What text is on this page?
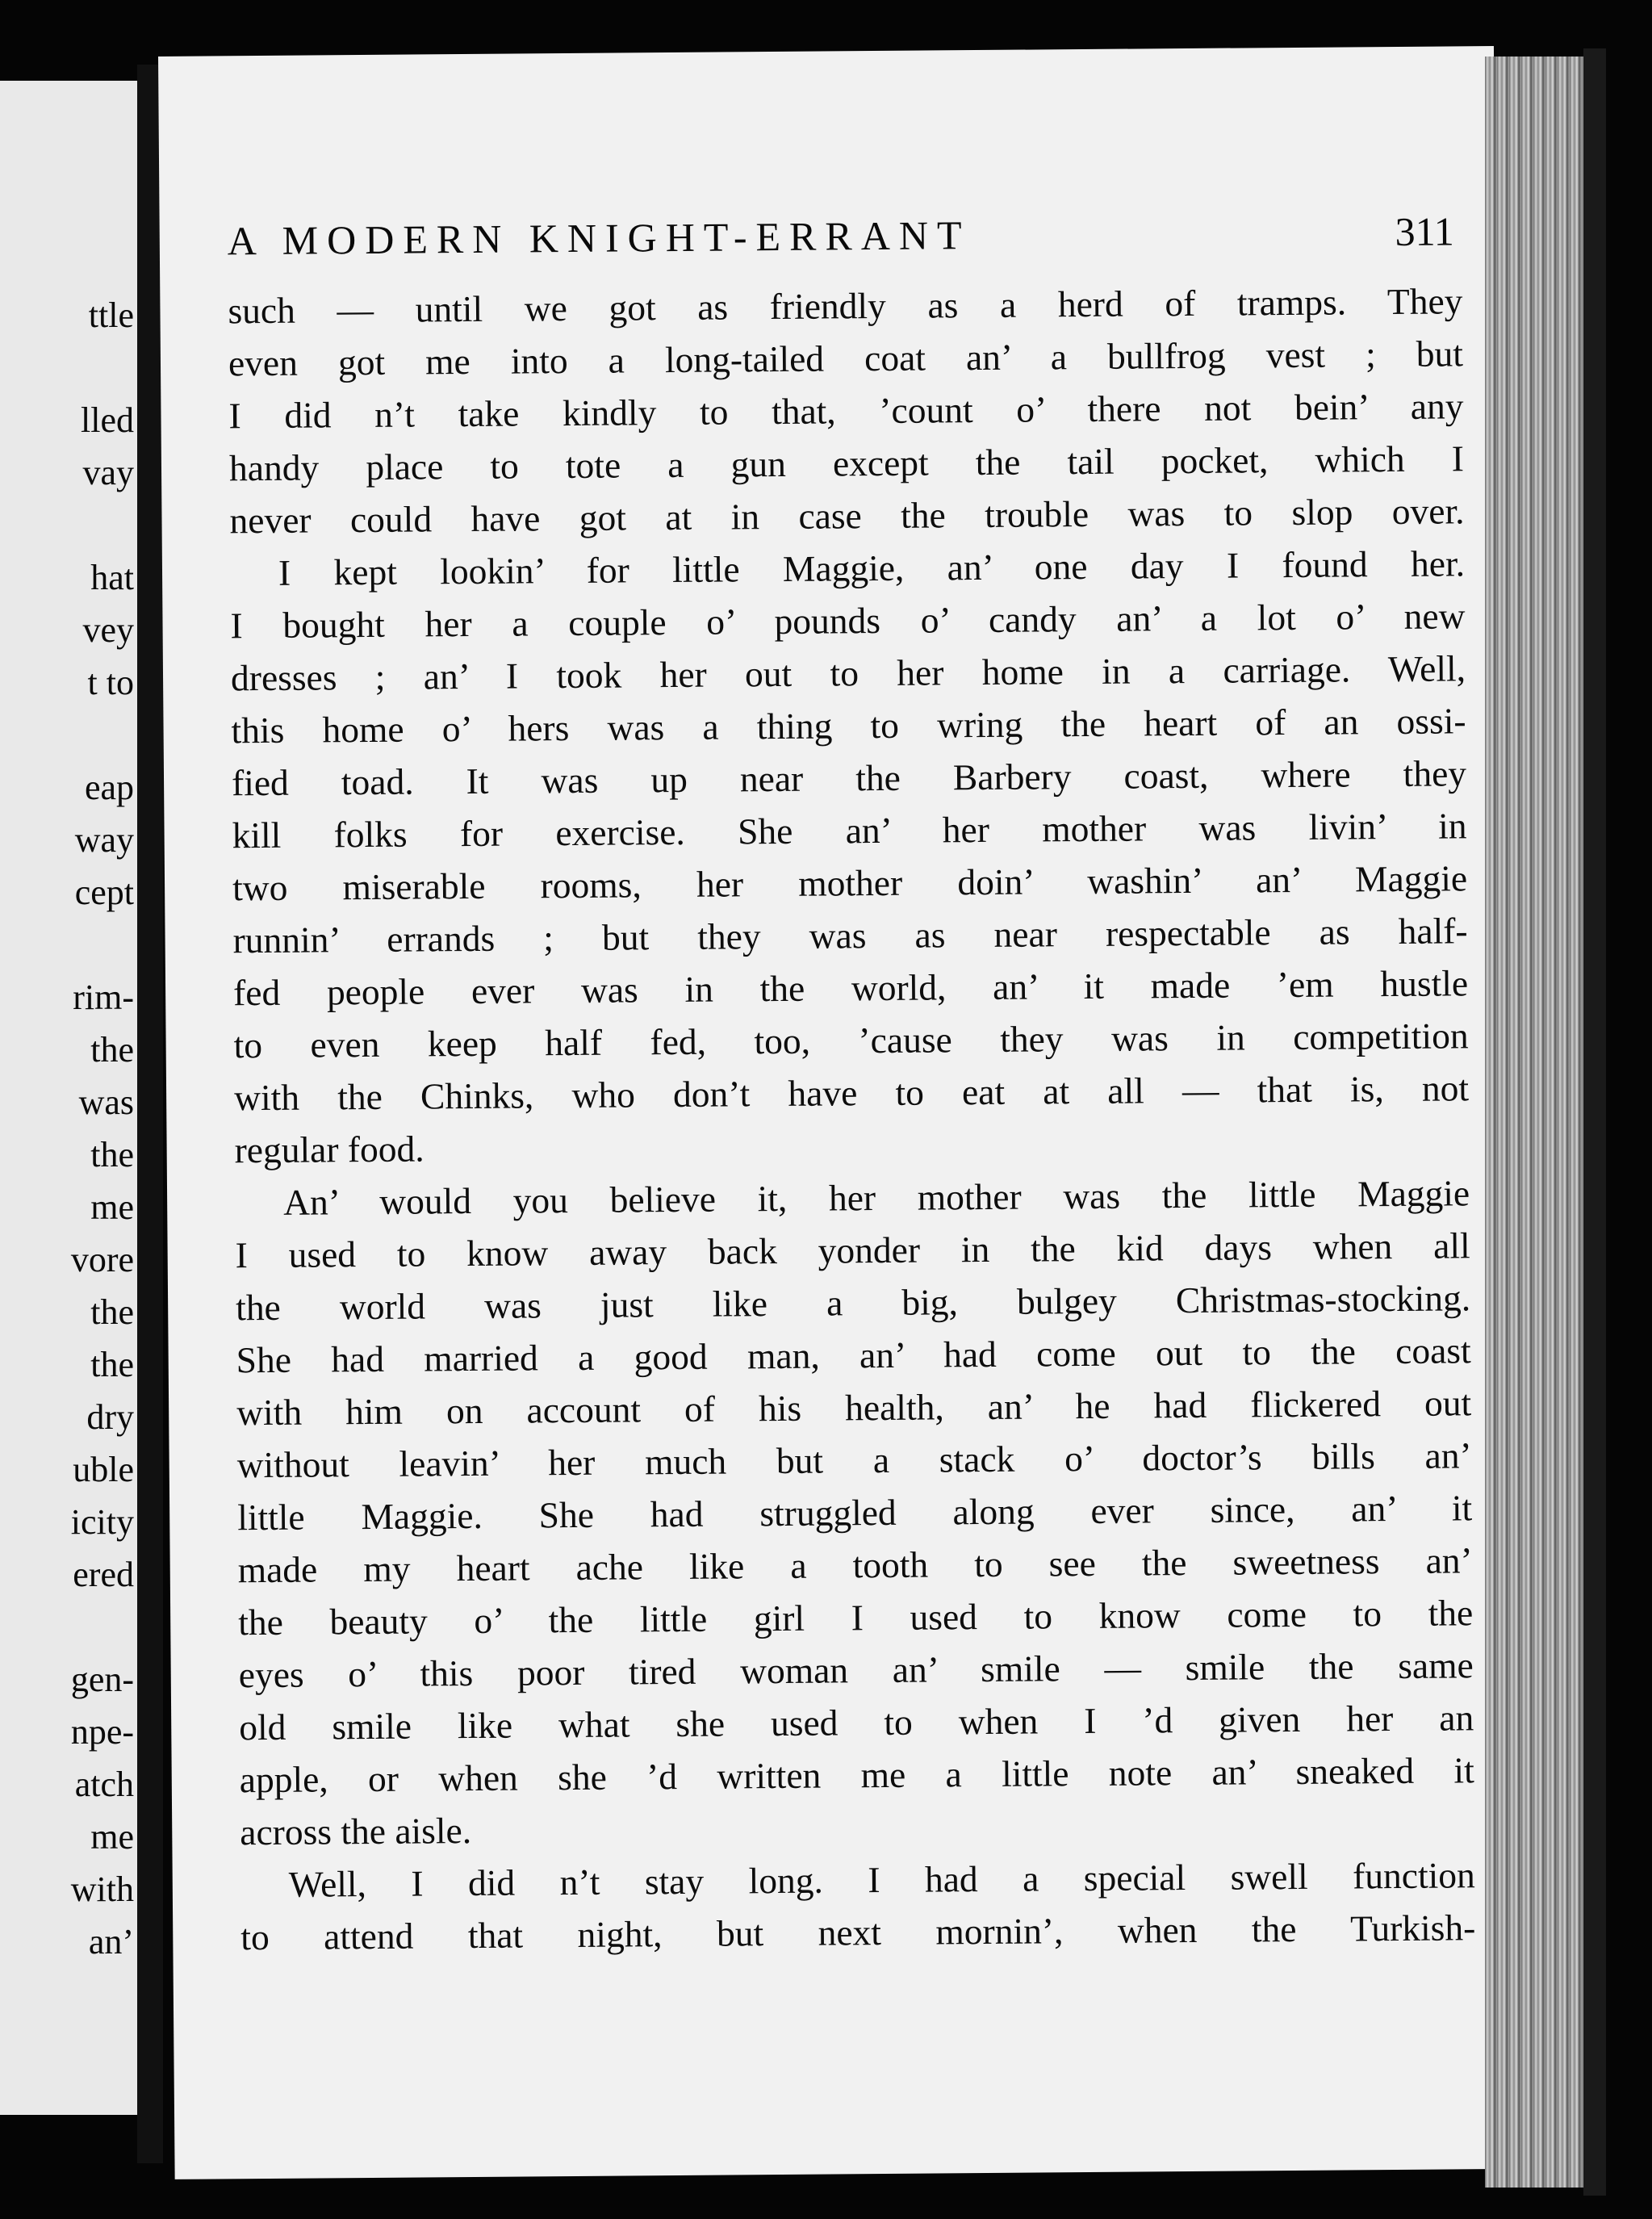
ttle
lled
vay
hat
vey
t to
eap
way
cept
rim-
the
was
the
me
vore
the
the
dry
uble
icity
ered
gen-
npe-
atch
me
with
an’
A MODERN KNIGHT-ERRANT	311
such — until we got as friendly as a herd of tramps. They
even got me into a long-tailed coat an’ a bullfrog vest ; but
I did n’t take kindly to that, ’count o’ there not bein’ any
handy place to tote a gun except the tail pocket, which I
never could have got at in case the trouble was to slop over.
I kept lookin’ for little Maggie, an’ one day I found her.
I bought her a couple o’ pounds o’ candy an’ a lot o’ new
dresses ; an’ I took her out to her home in a carriage. Well,
this home o’ hers was a thing to wring the heart of an ossi-
fied toad. It was up near the Barbery coast, where they
kill folks for exercise. She an’ her mother was livin’ in
two miserable rooms, her mother doin’ washin’ an’ Maggie
runnin’ errands ; but they was as near respectable as half-
fed people ever was in the world, an’ it made ’em hustle
to even keep half fed, too, ’cause they was in competition
with the Chinks, who don’t have to eat at all — that is, not
regular food.
An’ would you believe it, her mother was the little Maggie
I used to know away back yonder in the kid days when all
the world was just like a big, bulgey Christmas-stocking.
She had married a good man, an’ had come out to the coast
with him on account of his health, an’ he had flickered out
without leavin’ her much but a stack o’ doctor’s bills an’
little Maggie. She had struggled along ever since, an’ it
made my heart ache like a tooth to see the sweetness an’
the beauty o’ the little girl I used to know come to the
eyes o’ this poor tired woman an’ smile — smile the same
old smile like what she used to when I ’d given her an
apple, or when she ’d written me a little note an’ sneaked it
across the aisle.
Well, I did n’t stay long. I had a special swell function
to attend that night, but next mornin’, when the Turkish-
